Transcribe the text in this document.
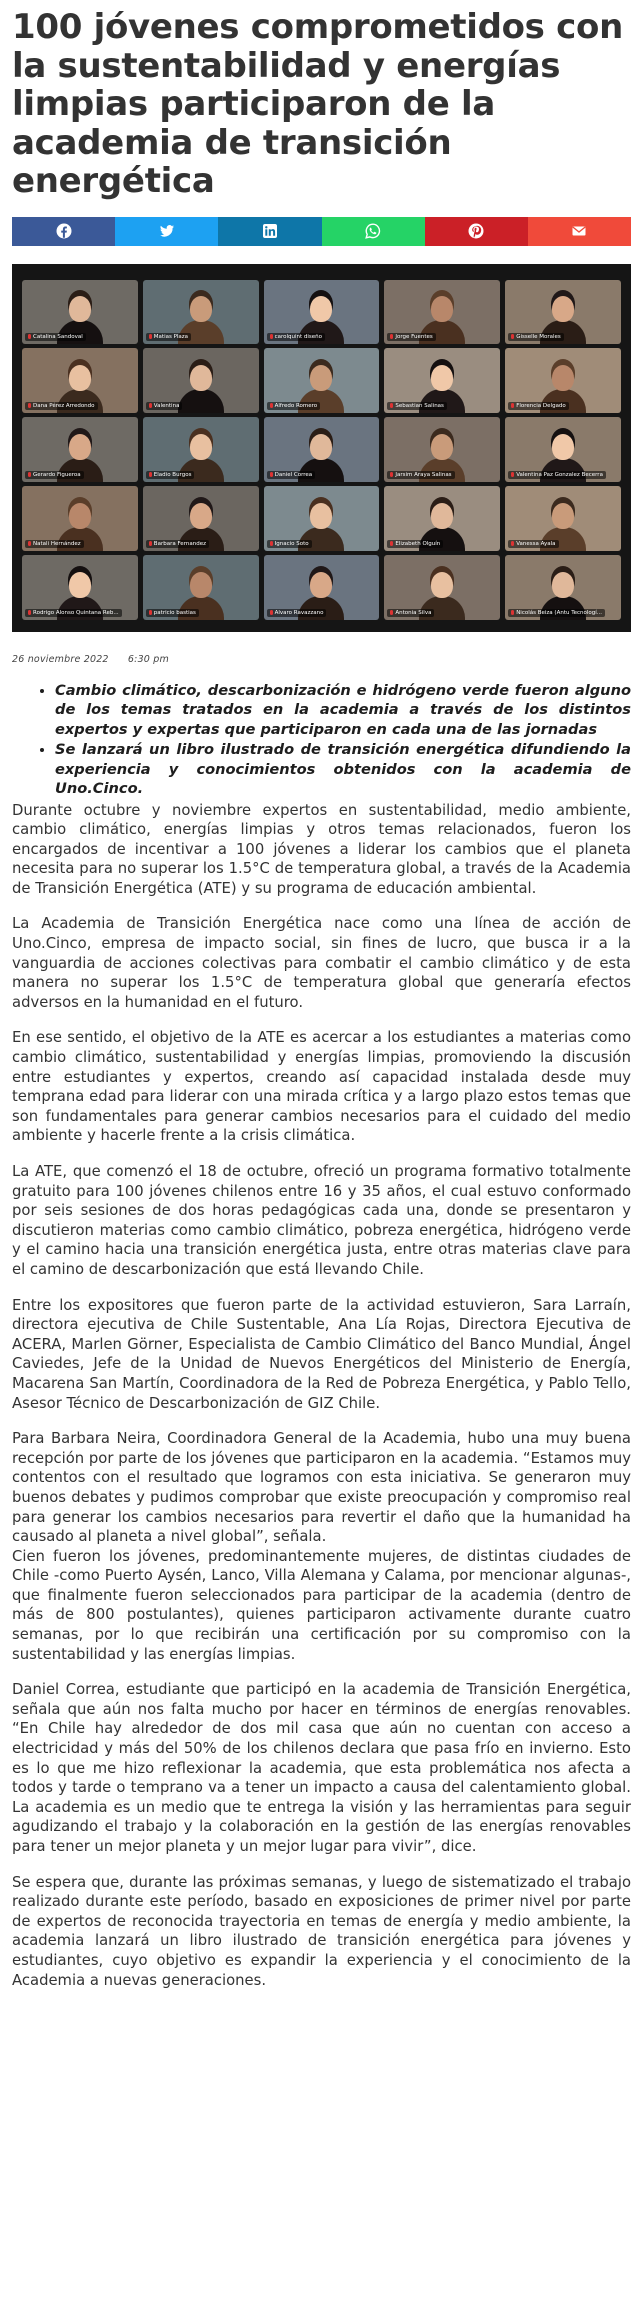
100 jóvenes comprometidos con la sustentabilidad y energías limpias participaron de la academia de transición energética
Catalina Sandoval	Matias Plaza	carolquint diseño	Jorge Fuentes	Gisselle Morales
Dana Pérez Arredondo	Valentina	Alfredo Romero	Sebastian Salinas	Florencia Delgado
Gerardo Figueroa	Eladio Burgos	Daniel Correa	Jarsim Araya Salinas	Valentina Paz Gonzalez Becerra
Natali Hernández	Barbara Fernandez	Ignacio Soto	Elizabeth Olguín	Vanessa Ayala
Rodrigo Alonso Quintana Reb...	patricio bastias	Alvaro Ravazzano	Antonia Silva	Nicolás Beiza (Antu Tecnologí...
26 noviembre 2022 6:30 pm
• Cambio climático, descarbonización e hidrógeno verde fueron alguno de los temas tratados en la academia a través de los distintos expertos y expertas que participaron en cada una de las jornadas
• Se lanzará un libro ilustrado de transición energética difundiendo la experiencia y conocimientos obtenidos con la academia de Uno.Cinco.

Durante octubre y noviembre expertos en sustentabilidad, medio ambiente, cambio climático, energías limpias y otros temas relacionados, fueron los encargados de incentivar a 100 jóvenes a liderar los cambios que el planeta necesita para no superar los 1.5°C de temperatura global, a través de la Academia de Transición Energética (ATE) y su programa de educación ambiental.

La Academia de Transición Energética nace como una línea de acción de Uno.Cinco, empresa de impacto social, sin fines de lucro, que busca ir a la vanguardia de acciones colectivas para combatir el cambio climático y de esta manera no superar los 1.5°C de temperatura global que generaría efectos adversos en la humanidad en el futuro.

En ese sentido, el objetivo de la ATE es acercar a los estudiantes a materias como cambio climático, sustentabilidad y energías limpias, promoviendo la discusión entre estudiantes y expertos, creando así capacidad instalada desde muy temprana edad para liderar con una mirada crítica y a largo plazo estos temas que son fundamentales para generar cambios necesarios para el cuidado del medio ambiente y hacerle frente a la crisis climática.

La ATE, que comenzó el 18 de octubre, ofreció un programa formativo totalmente gratuito para 100 jóvenes chilenos entre 16 y 35 años, el cual estuvo conformado por seis sesiones de dos horas pedagógicas cada una, donde se presentaron y discutieron materias como cambio climático, pobreza energética, hidrógeno verde y el camino hacia una transición energética justa, entre otras materias clave para el camino de descarbonización que está llevando Chile.

Entre los expositores que fueron parte de la actividad estuvieron, Sara Larraín, directora ejecutiva de Chile Sustentable, Ana Lía Rojas, Directora Ejecutiva de ACERA, Marlen Görner, Especialista de Cambio Climático del Banco Mundial, Ángel Caviedes, Jefe de la Unidad de Nuevos Energéticos del Ministerio de Energía, Macarena San Martín, Coordinadora de la Red de Pobreza Energética, y Pablo Tello, Asesor Técnico de Descarbonización de GIZ Chile.

Para Barbara Neira, Coordinadora General de la Academia, hubo una muy buena recepción por parte de los jóvenes que participaron en la academia. “Estamos muy contentos con el resultado que logramos con esta iniciativa. Se generaron muy buenos debates y pudimos comprobar que existe preocupación y compromiso real para generar los cambios necesarios para revertir el daño que la humanidad ha causado al planeta a nivel global”, señala.

Cien fueron los jóvenes, predominantemente mujeres, de distintas ciudades de Chile -como Puerto Aysén, Lanco, Villa Alemana y Calama, por mencionar algunas-, que finalmente fueron seleccionados para participar de la academia (dentro de más de 800 postulantes), quienes participaron activamente durante cuatro semanas, por lo que recibirán una certificación por su compromiso con la sustentabilidad y las energías limpias.

Daniel Correa, estudiante que participó en la academia de Transición Energética, señala que aún nos falta mucho por hacer en términos de energías renovables. “En Chile hay alrededor de dos mil casa que aún no cuentan con acceso a electricidad y más del 50% de los chilenos declara que pasa frío en invierno. Esto es lo que me hizo reflexionar la academia, que esta problemática nos afecta a todos y tarde o temprano va a tener un impacto a causa del calentamiento global. La academia es un medio que te entrega la visión y las herramientas para seguir agudizando el trabajo y la colaboración en la gestión de las energías renovables para tener un mejor planeta y un mejor lugar para vivir”, dice.

Se espera que, durante las próximas semanas, y luego de sistematizado el trabajo realizado durante este período, basado en exposiciones de primer nivel por parte de expertos de reconocida trayectoria en temas de energía y medio ambiente, la academia lanzará un libro ilustrado de transición energética para jóvenes y estudiantes, cuyo objetivo es expandir la experiencia y el conocimiento de la Academia a nuevas generaciones.
